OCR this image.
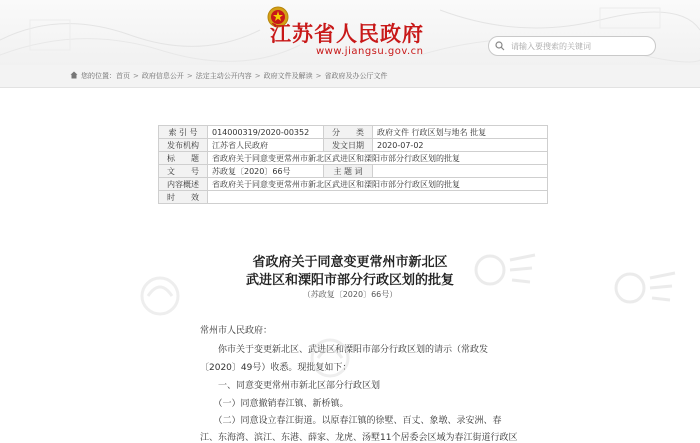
江苏省人民政府
www.jiangsu.gov.cn
请输入要搜索的关键词
您的位置：首页 > 政府信息公开 > 法定主动公开内容 > 政府文件及解读 > 省政府及办公厅文件
索 引 号	014000319/2020-00352	分　　类	政府文件 行政区划与地名 批复
发布机构	江苏省人民政府	发文日期	2020-07-02
标　　题	省政府关于同意变更常州市新北区武进区和溧阳市部分行政区划的批复		
文　　号	苏政复〔2020〕66号	主 题 词	
内容概述	省政府关于同意变更常州市新北区武进区和溧阳市部分行政区划的批复		
时　　效			
省政府关于同意变更常州市新北区
武进区和溧阳市部分行政区划的批复
（苏政复〔2020〕66号）
常州市人民政府：
　　你市关于变更新北区、武进区和溧阳市部分行政区划的请示（常政发
〔2020〕49号）收悉。现批复如下：
　　一、同意变更常州市新北区部分行政区划
　　（一）同意撤销春江镇、新桥镇。
　　（二）同意设立春江街道。以原春江镇的徐墅、百丈、象墩、录安洲、春
江、东海湾、滨江、东港、薛家、龙虎、汤墅11个居委会区域为春江街道行政区
